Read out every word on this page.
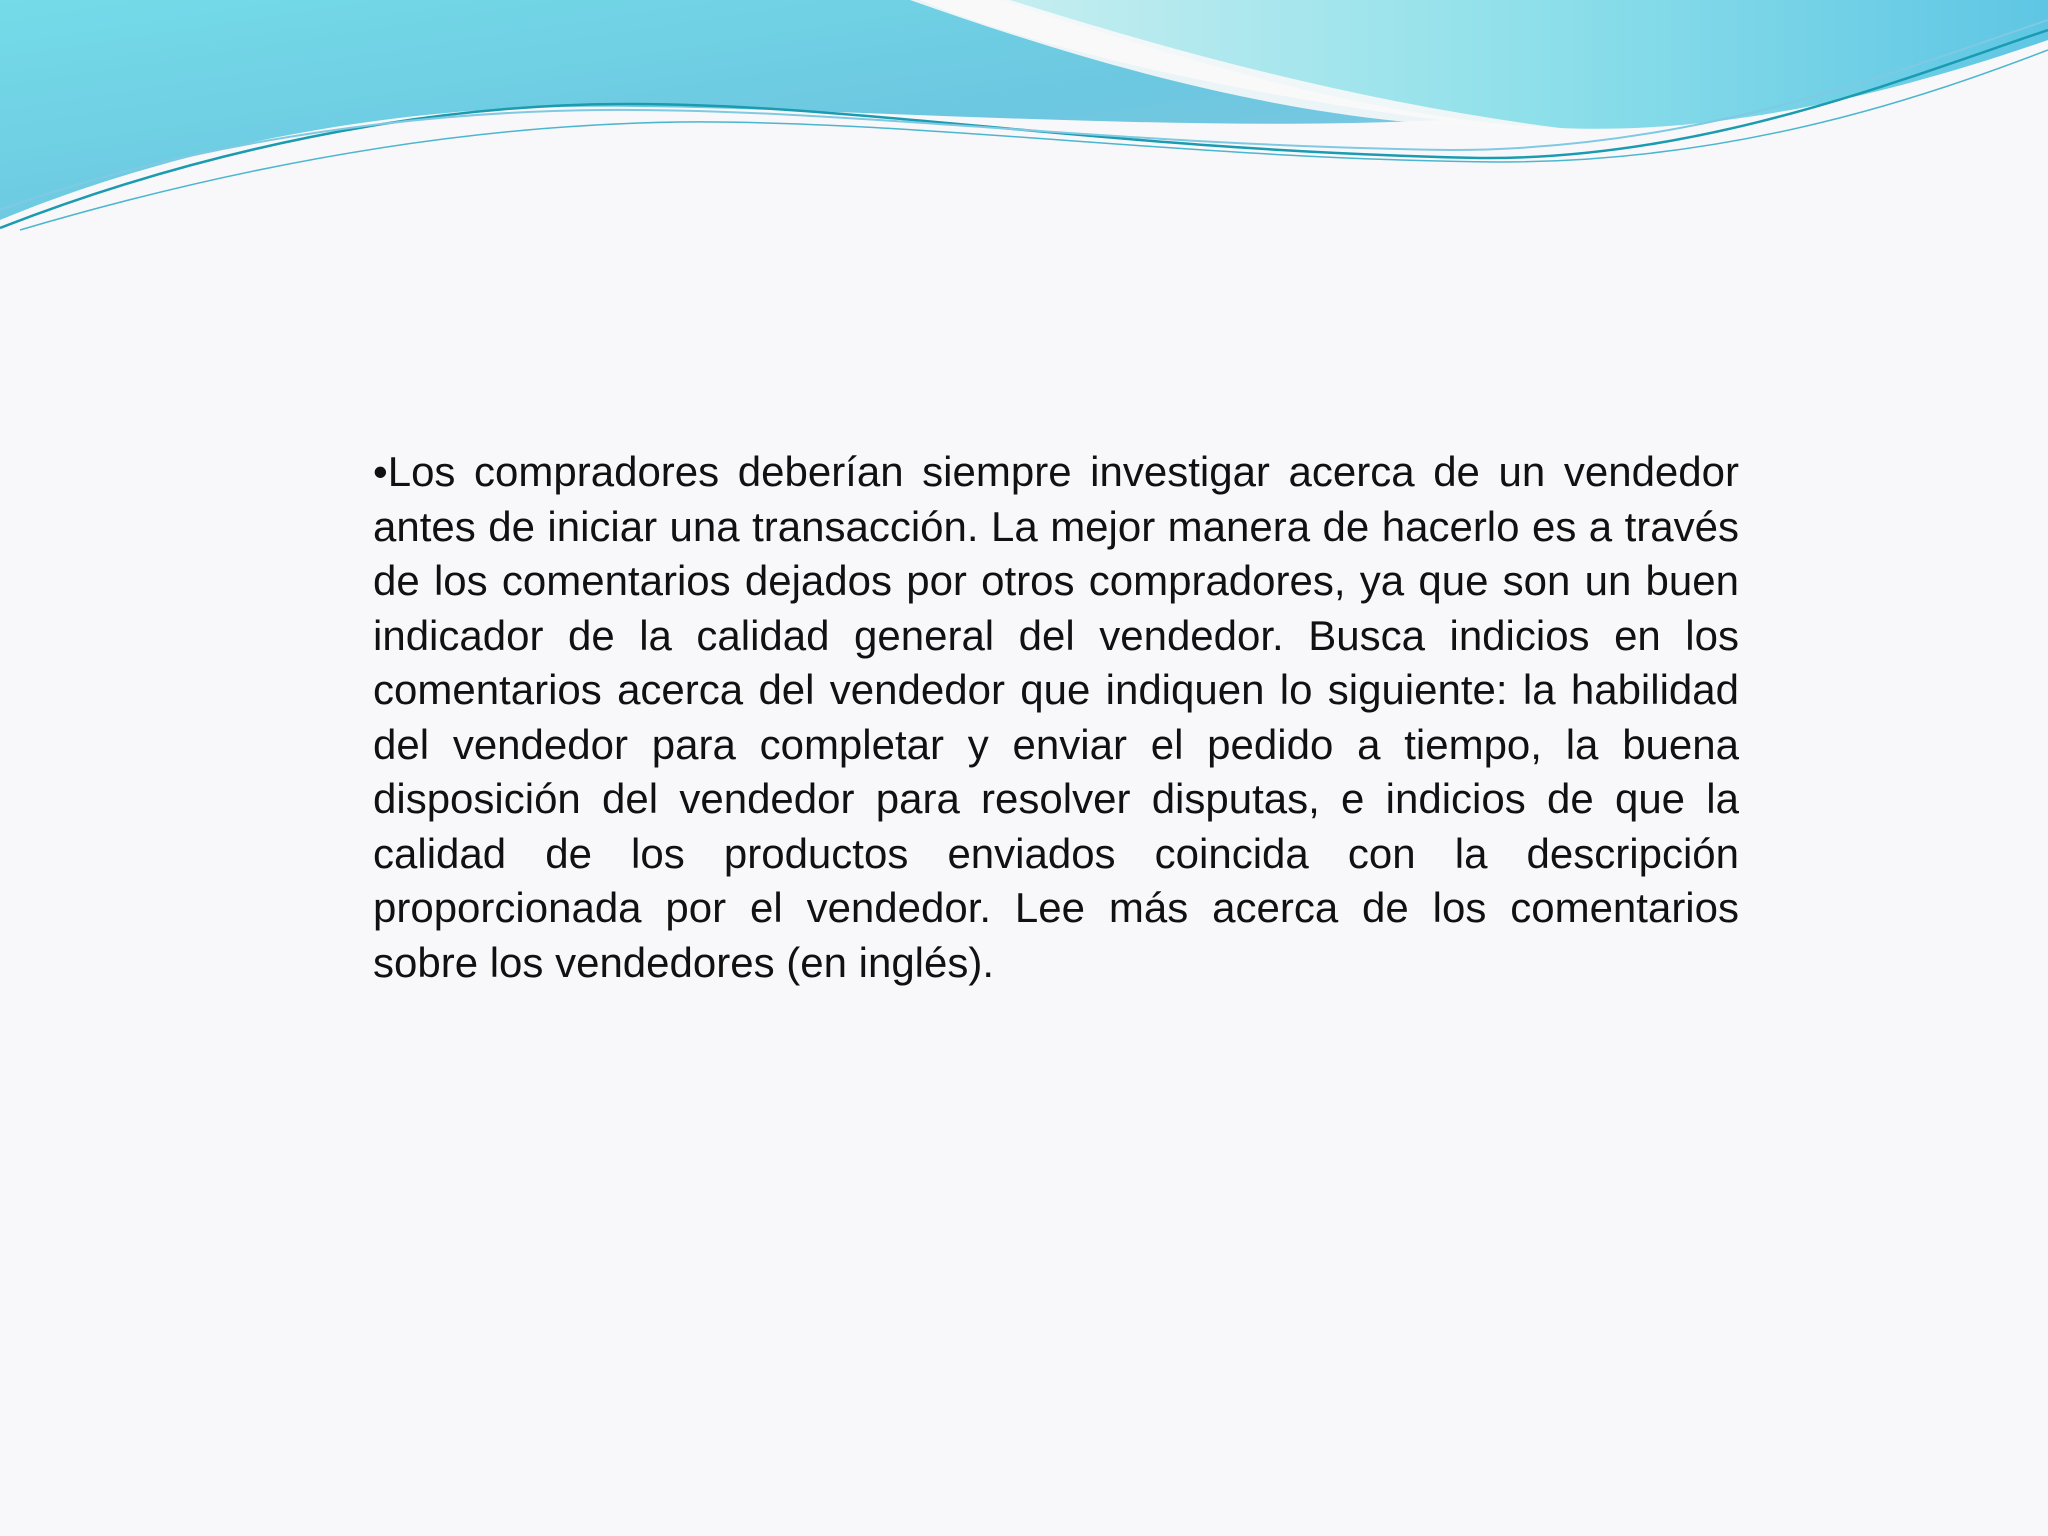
•Los compradores deberían siempre investigar acerca de un vendedor antes de iniciar una transacción. La mejor manera de hacerlo es a través de los comentarios dejados por otros compradores, ya que son un buen indicador de la calidad general del vendedor. Busca indicios en los comentarios acerca del vendedor que indiquen lo siguiente: la habilidad del vendedor para completar y enviar el pedido a tiempo, la buena disposición del vendedor para resolver disputas, e indicios de que la calidad de los productos enviados coincida con la descripción proporcionada por el vendedor. Lee más acerca de los comentarios sobre los vendedores (en inglés).
